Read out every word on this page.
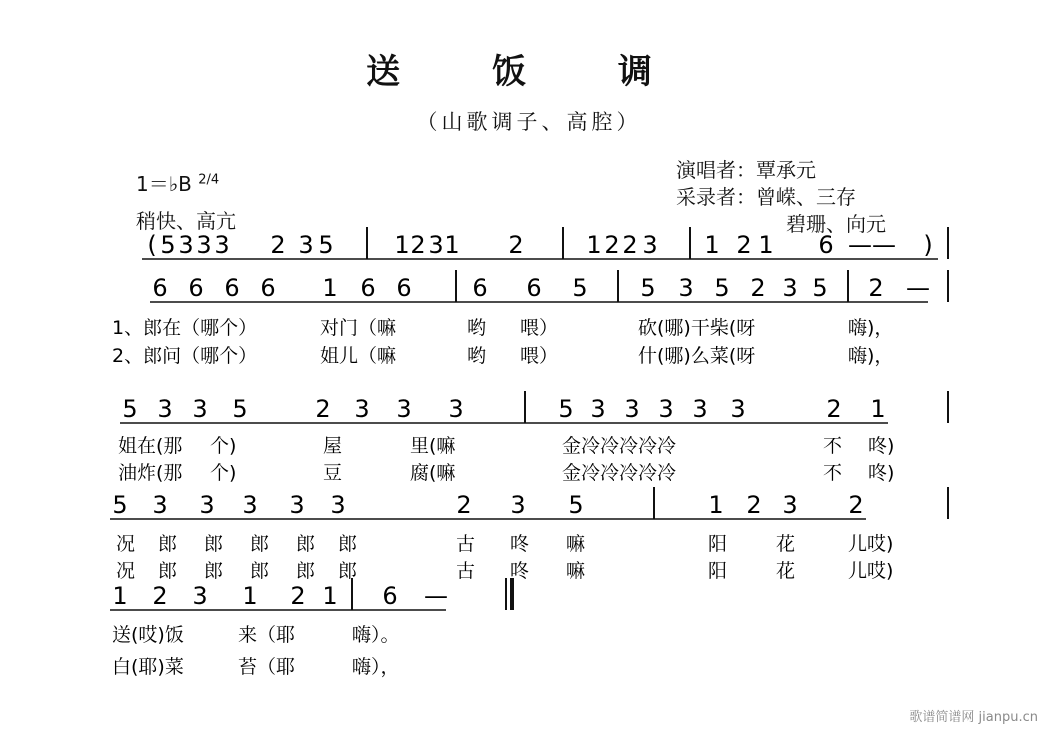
送 饭 调
（山歌调子、高腔）
1＝♭B $^{2/4}$
稍快、高亢
演唱者：覃承元
采录者：曾嵘、三存
碧珊、向元
( 5 3 3 3 2 3 5	1 2 3 1 2	1 2 2 3 1 2 1 6 —— )
6 6 6 6 1 6 6	6 6 5 5 3 5 2 3 5 2 —
5 3 3 5	2 3 3 3	5 3 3 3 3 3	2 1
5 3 3 3 3 3	2 3 5	1 2 3 2
1 2 3 1 2 1 6 —
1、郎在（哪个）	对门（嘛	哟 喂）	砍(哪)干柴(呀	嗨)，
2、郎问（哪个）	姐儿（嘛	哟 喂）	什(哪)么菜(呀	嗨)，
姐在(那 个)	屋	里(嘛	金冷冷冷冷冷	不 咚)
油炸(那 个)	豆	腐(嘛	金冷冷冷冷冷	不 咚)
况 郎 郎 郎 郎 郎	古 咚 嘛	阳	花	儿哎)
况 郎 郎 郎 郎 郎	古 咚 嘛	阳	花	儿哎)
送(哎)饭	来（耶	嗨）。
白(耶)菜	苔（耶	嗨），
歌谱简谱网 jianpu.cn
